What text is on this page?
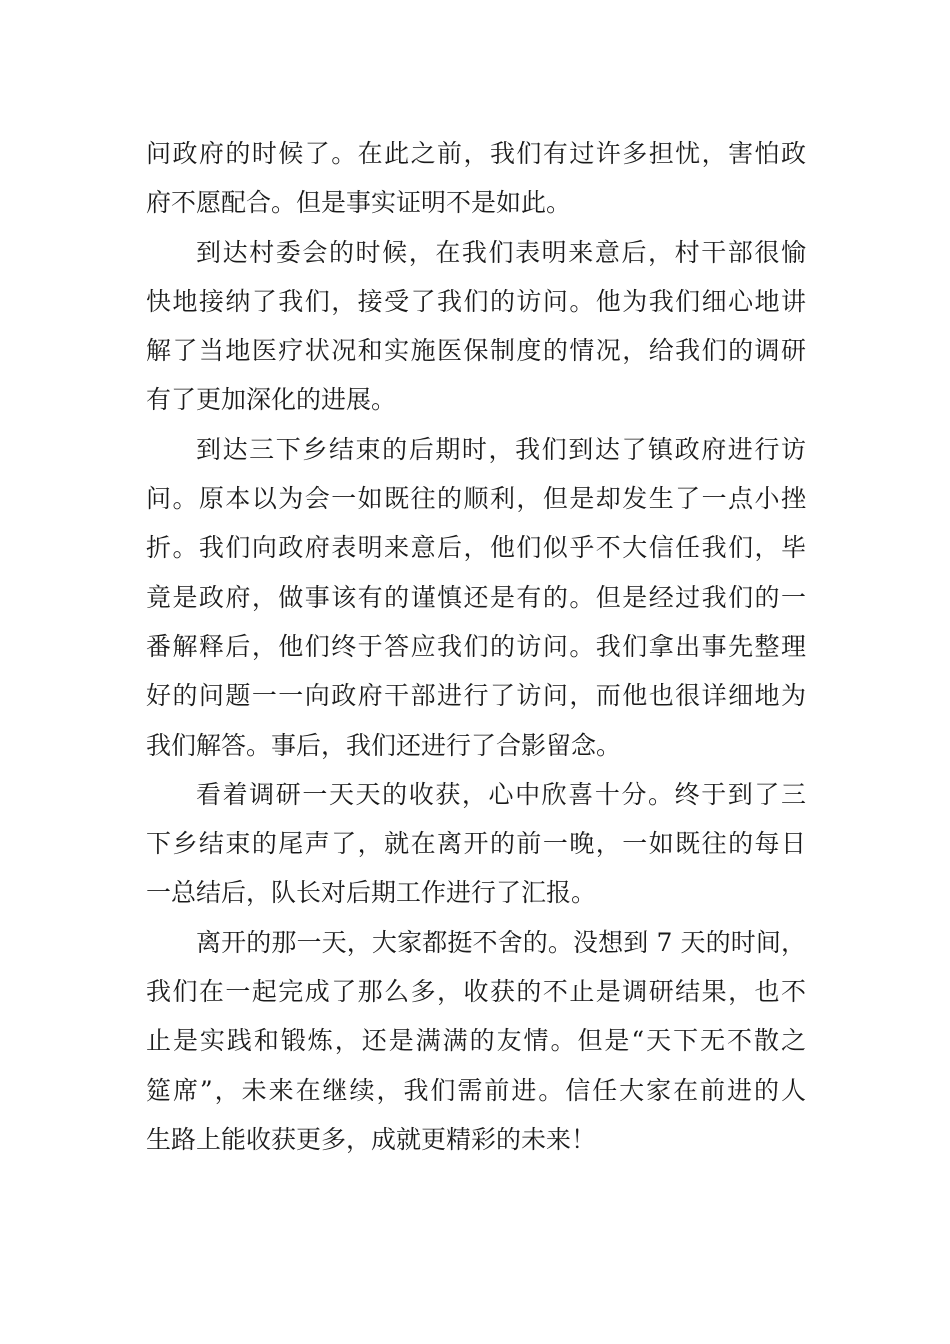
问政府的时候了。在此之前，我们有过许多担忧，害怕政
府不愿配合。但是事实证明不是如此。
到达村委会的时候，在我们表明来意后，村干部很愉
快地接纳了我们，接受了我们的访问。他为我们细心地讲
解了当地医疗状况和实施医保制度的情况，给我们的调研
有了更加深化的进展。
到达三下乡结束的后期时，我们到达了镇政府进行访
问。原本以为会一如既往的顺利，但是却发生了一点小挫
折。我们向政府表明来意后，他们似乎不大信任我们，毕
竟是政府，做事该有的谨慎还是有的。但是经过我们的一
番解释后，他们终于答应我们的访问。我们拿出事先整理
好的问题一一向政府干部进行了访问，而他也很详细地为
我们解答。事后，我们还进行了合影留念。
看着调研一天天的收获，心中欣喜十分。终于到了三
下乡结束的尾声了，就在离开的前一晚，一如既往的每日
一总结后，队长对后期工作进行了汇报。
离开的那一天，大家都挺不舍的。没想到 7 天的时间，
我们在一起完成了那么多，收获的不止是调研结果，也不
止是实践和锻炼，还是满满的友情。但是“天下无不散之
筵席”，未来在继续，我们需前进。信任大家在前进的人
生路上能收获更多，成就更精彩的未来！
